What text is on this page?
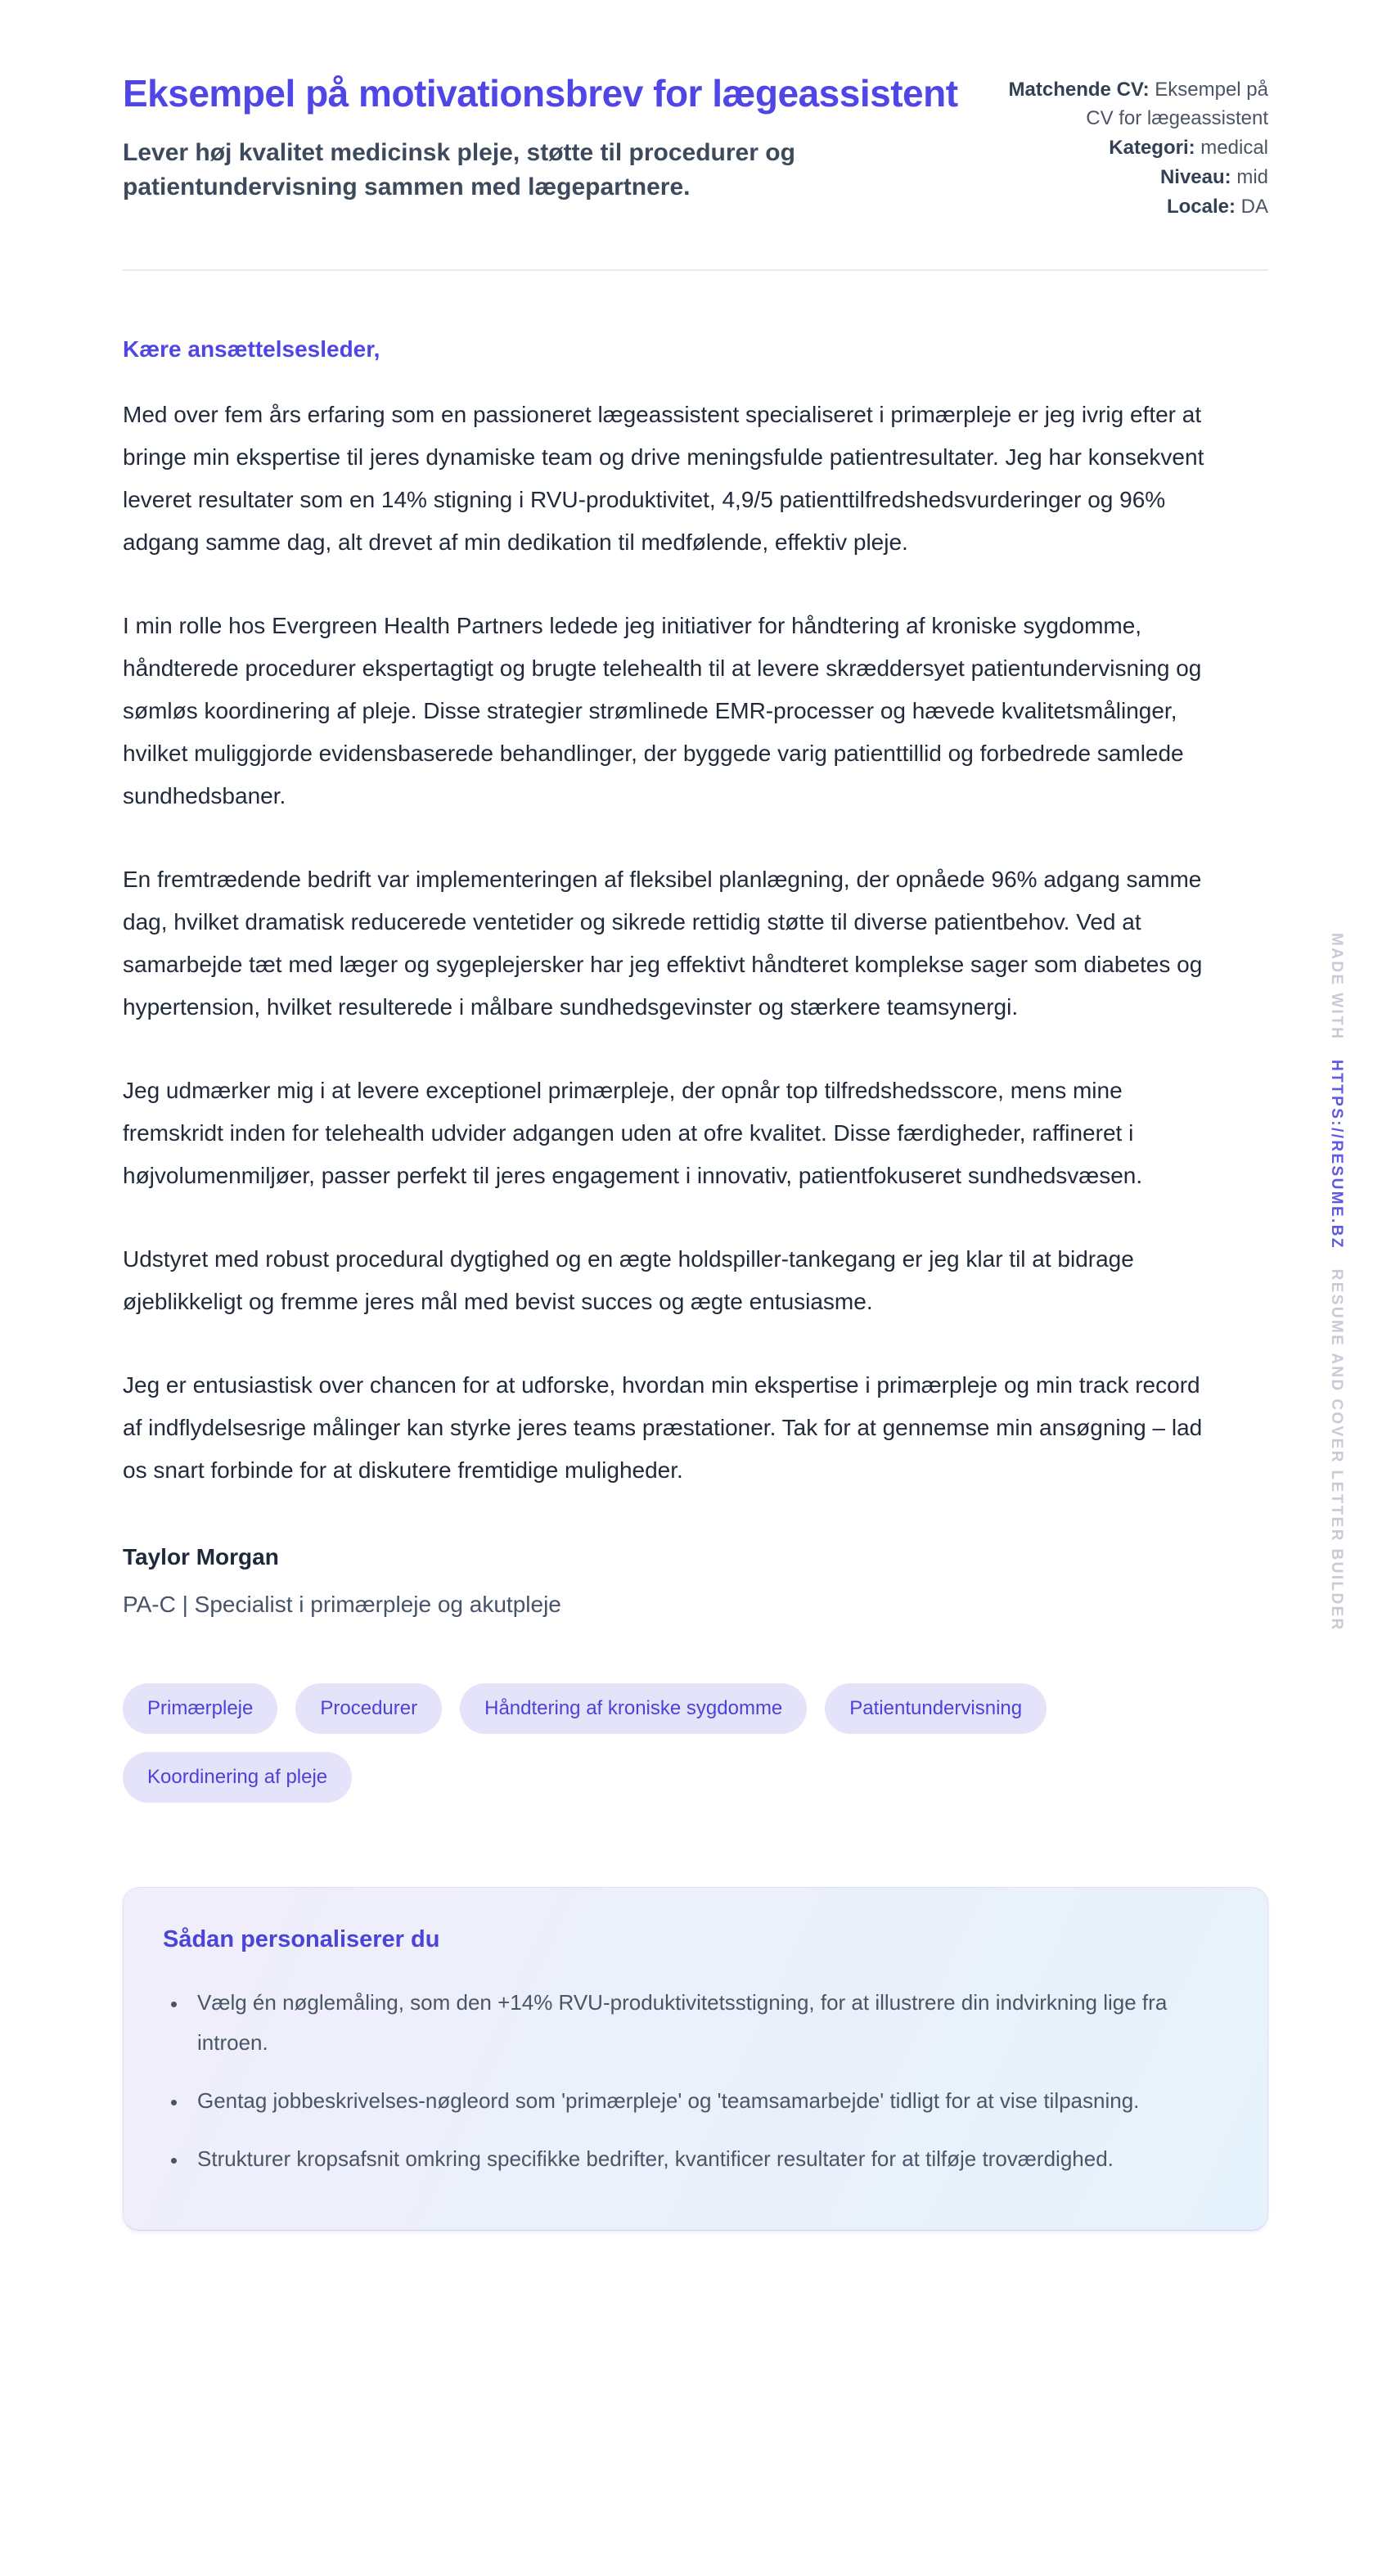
Eksempel på motivationsbrev for lægeassistent
Lever høj kvalitet medicinsk pleje, støtte til procedurer og patientundervisning sammen med lægepartnere.
Matchende CV: Eksempel på CV for lægeassistent
Kategori: medical
Niveau: mid
Locale: DA

Kære ansættelsesleder,

Med over fem års erfaring som en passioneret lægeassistent specialiseret i primærpleje er jeg ivrig efter at bringe min ekspertise til jeres dynamiske team og drive meningsfulde patientresultater. Jeg har konsekvent leveret resultater som en 14% stigning i RVU-produktivitet, 4,9/5 patienttilfredshedsvurderinger og 96% adgang samme dag, alt drevet af min dedikation til medfølende, effektiv pleje.

I min rolle hos Evergreen Health Partners ledede jeg initiativer for håndtering af kroniske sygdomme, håndterede procedurer ekspertagtigt og brugte telehealth til at levere skræddersyet patientundervisning og sømløs koordinering af pleje. Disse strategier strømlinede EMR-processer og hævede kvalitetsmålinger, hvilket muliggjorde evidensbaserede behandlinger, der byggede varig patienttillid og forbedrede samlede sundhedsbaner.

En fremtrædende bedrift var implementeringen af fleksibel planlægning, der opnåede 96% adgang samme dag, hvilket dramatisk reducerede ventetider og sikrede rettidig støtte til diverse patientbehov. Ved at samarbejde tæt med læger og sygeplejersker har jeg effektivt håndteret komplekse sager som diabetes og hypertension, hvilket resulterede i målbare sundhedsgevinster og stærkere teamsynergi.

Jeg udmærker mig i at levere exceptionel primærpleje, der opnår top tilfredshedsscore, mens mine fremskridt inden for telehealth udvider adgangen uden at ofre kvalitet. Disse færdigheder, raffineret i højvolumenmiljøer, passer perfekt til jeres engagement i innovativ, patientfokuseret sundhedsvæsen.

Udstyret med robust procedural dygtighed og en ægte holdspiller-tankegang er jeg klar til at bidrage øjeblikkeligt og fremme jeres mål med bevist succes og ægte entusiasme.

Jeg er entusiastisk over chancen for at udforske, hvordan min ekspertise i primærpleje og min track record af indflydelsesrige målinger kan styrke jeres teams præstationer. Tak for at gennemse min ansøgning – lad os snart forbinde for at diskutere fremtidige muligheder.

Taylor Morgan
PA-C | Specialist i primærpleje og akutpleje
Primærpleje	Procedurer	Håndtering af kroniske sygdomme	Patientundervisning
Koordinering af pleje
Sådan personaliserer du
• Vælg én nøglemåling, som den +14% RVU-produktivitetsstigning, for at illustrere din indvirkning lige fra introen.
• Gentag jobbeskrivelses-nøgleord som 'primærpleje' og 'teamsamarbejde' tidligt for at vise tilpasning.
• Strukturer kropsafsnit omkring specifikke bedrifter, kvantificer resultater for at tilføje troværdighed.
MADE WITH HTTPS://RESUME.BZ RESUME AND COVER LETTER BUILDER
